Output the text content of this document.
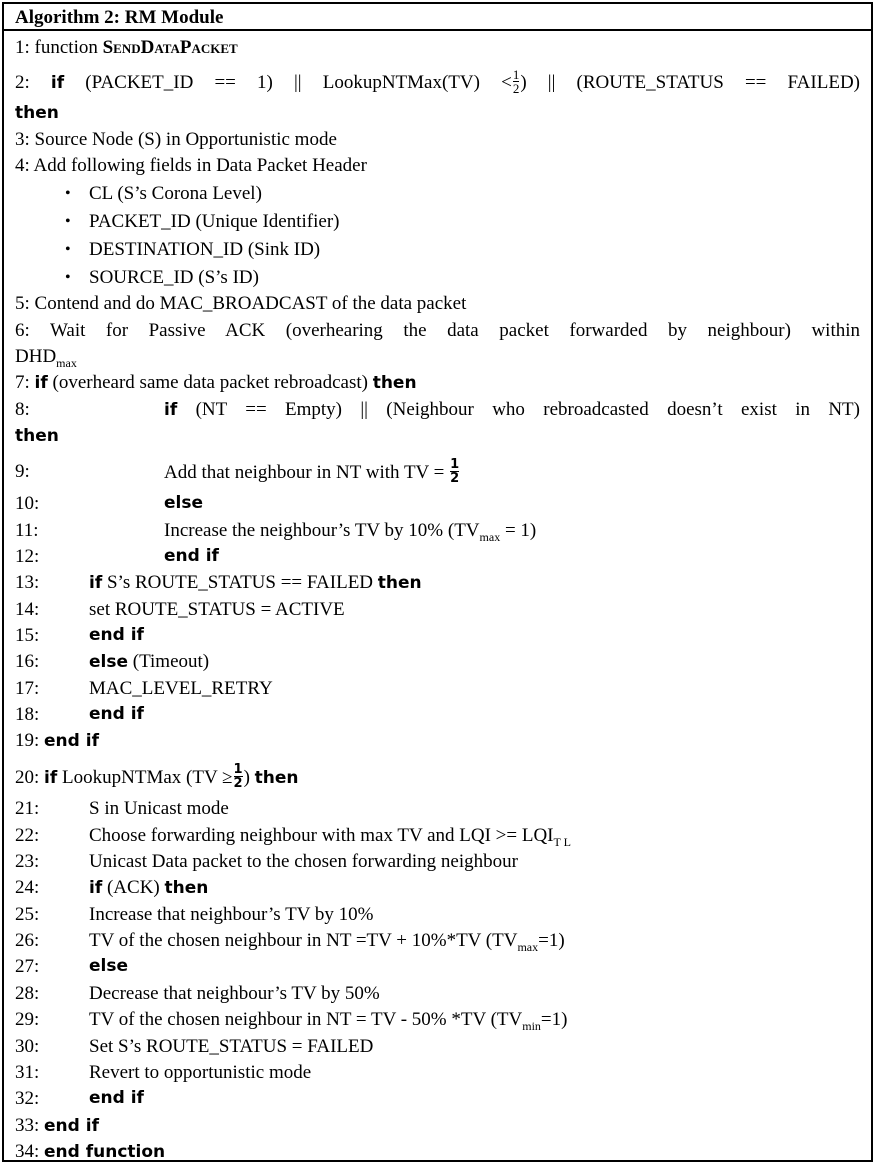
Algorithm 2: RM Module
1: function SendDataPacket
2: if (PACKET_ID == 1) || LookupNTMax(TV) < $\frac{1}{2}$ ) || (ROUTE_STATUS == FAILED)
then
3: Source Node (S) in Opportunistic mode
4: Add following fields in Data Packet Header
• CL (S’s Corona Level)
• PACKET_ID (Unique Identifier)
• DESTINATION_ID (Sink ID)
• SOURCE_ID (S’s ID)
5: Contend and do MAC_BROADCAST of the data packet
6: Wait for Passive ACK (overhearing the data packet forwarded by neighbour) within
$DHD_{max}$
7: if (overheard same data packet rebroadcast) then
8:	if (NT == Empty) || (Neighbour who rebroadcasted doesn’t exist in NT)
then
9:	Add that neighbour in NT with TV = $\frac{1}{2}$
10:	else
11:	Increase the neighbour’s TV by 10% $(TV_{max} = 1)$
12:	end if
13:	if S’s ROUTE_STATUS == FAILED then
14:	set ROUTE_STATUS = ACTIVE
15:	end if
16:	else (Timeout)
17:	MAC_LEVEL_RETRY
18:	end if
19: end if
20: if LookupNTMax ($TV \ge \frac{1}{2}$ ) then
21:	S in Unicast mode
22:	Choose forwarding neighbour with max TV and LQI >= $LQI_{T L}$
23:	Unicast Data packet to the chosen forwarding neighbour
24:	if (ACK) then
25:	Increase that neighbour’s TV by 10%
26:	TV of the chosen neighbour in NT =TV + 10%*TV $(TV_{max}=1)$
27:	else
28:	Decrease that neighbour’s TV by 50%
29:	TV of the chosen neighbour in NT = TV - 50% *TV $(TV_{min}=1)$
30:	Set S’s ROUTE_STATUS = FAILED
31:	Revert to opportunistic mode
32:	end if
33: end if
34: end function
